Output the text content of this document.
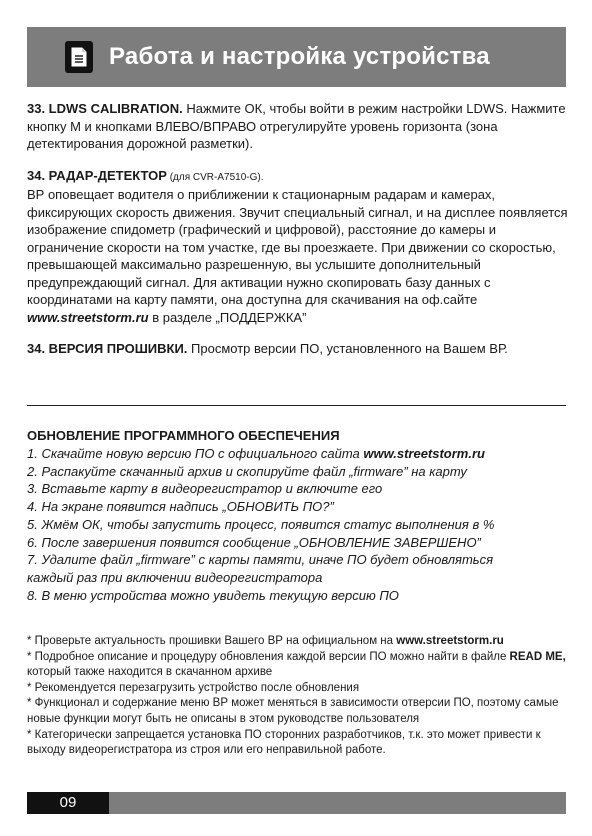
Работа и настройка устройства

33. LDWS CALIBRATION. Нажмите ОК, чтобы войти в режим настройки LDWS. Нажмите кнопку М и кнопками ВЛЕВО/ВПРАВО отрегулируйте уровень горизонта (зона детектирования дорожной разметки).

34. РАДАР-ДЕТЕКТОР (для CVR-A7510-G).
ВР оповещает водителя о приближении к стационарным радарам и камерах, фиксирующих скорость движения. Звучит специальный сигнал, и на дисплее появляется изображение спидометр (графический и цифровой), расстояние до камеры и ограничение скорости на том участке, где вы проезжаете. При движении со скоростью, превышающей максимально разрешенную, вы услышите дополнительный предупреждающий сигнал. Для активации нужно скопировать базу данных с координатами на карту памяти, она доступна для скачивания на оф.сайте www.streetstorm.ru в разделе „ПОДДЕРЖКА”

34. ВЕРСИЯ ПРОШИВКИ. Просмотр версии ПО, установленного на Вашем ВР.

ОБНОВЛЕНИЕ ПРОГРАММНОГО ОБЕСПЕЧЕНИЯ
1. Скачайте новую версию ПО с официального сайта www.streetstorm.ru
2. Распакуйте скачанный архив и скопируйте файл „firmware” на карту
3. Вставьте карту в видеорегистратор и включите его
4. На экране появится надпись „ОБНОВИТЬ ПО?”
5. Жмём ОК, чтобы запустить процесс, появится статус выполнения в %
6. После завершения появится сообщение „ОБНОВЛЕНИЕ ЗАВЕРШЕНО”
7. Удалите файл „firmware” с карты памяти, иначе ПО будет обновляться
каждый раз при включении видеорегистратора
8. В меню устройства можно увидеть текущую версию ПО

* Проверьте актуальность прошивки Вашего ВР на официальном на www.streetstorm.ru

* Подробное описание и процедуру обновления каждой версии ПО можно найти в файле READ ME, который также находится в скачанном архиве

* Рекомендуется перезагрузить устройство после обновления

* Функционал и содержание меню ВР может меняться в зависимости отверсии ПО, поэтому самые новые функции могут быть не описаны в этом руководстве пользователя

* Категорически запрещается установка ПО сторонних разработчиков, т.к. это может привести к выходу видеорегистратора из строя или его неправильной работе.

09
